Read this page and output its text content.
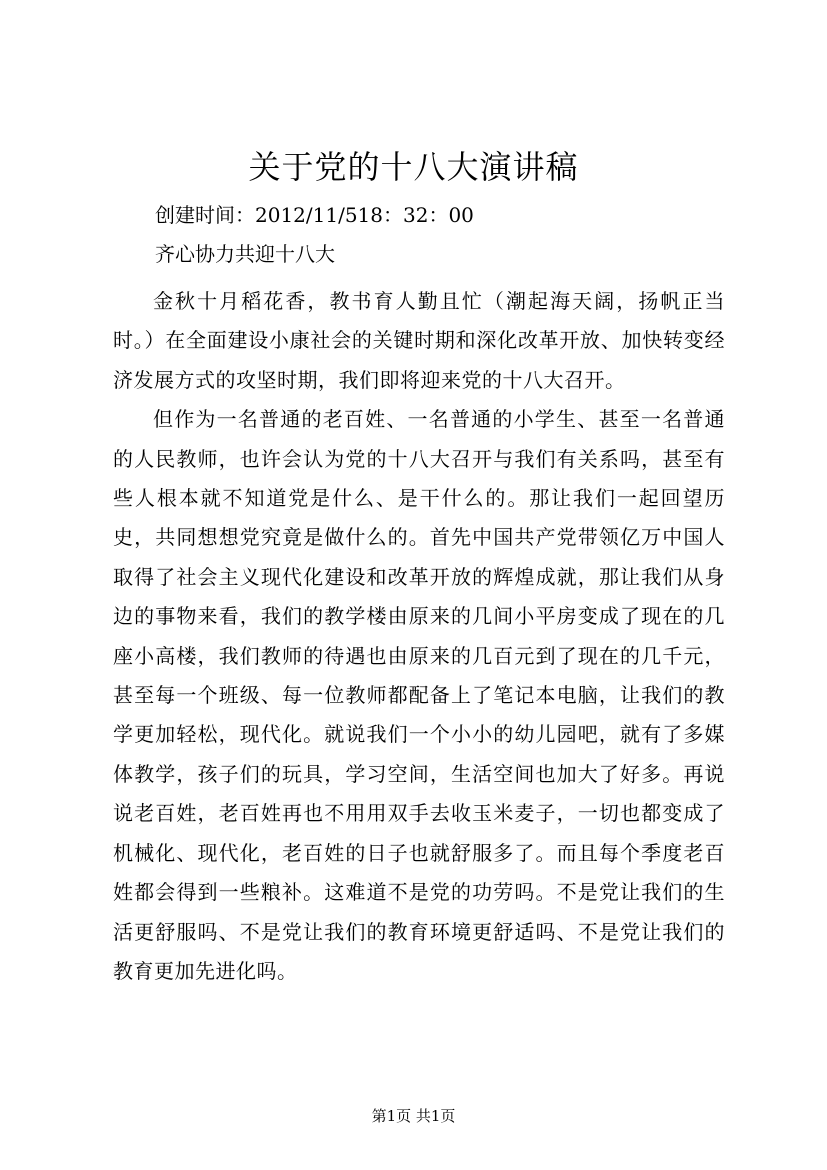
关于党的十八大演讲稿
创建时间：2012/11/518：32：00
齐心协力共迎十八大

金秋十月稻花香，教书育人勤且忙（潮起海天阔，扬帆正当时。）在全面建设小康社会的关键时期和深化改革开放、加快转变经济发展方式的攻坚时期，我们即将迎来党的十八大召开。

但作为一名普通的老百姓、一名普通的小学生、甚至一名普通的人民教师，也许会认为党的十八大召开与我们有关系吗，甚至有些人根本就不知道党是什么、是干什么的。那让我们一起回望历史，共同想想党究竟是做什么的。首先中国共产党带领亿万中国人取得了社会主义现代化建设和改革开放的辉煌成就，那让我们从身边的事物来看，我们的教学楼由原来的几间小平房变成了现在的几座小高楼，我们教师的待遇也由原来的几百元到了现在的几千元，甚至每一个班级、每一位教师都配备上了笔记本电脑，让我们的教学更加轻松，现代化。就说我们一个小小的幼儿园吧，就有了多媒体教学，孩子们的玩具，学习空间，生活空间也加大了好多。再说说老百姓，老百姓再也不用用双手去收玉米麦子，一切也都变成了机械化、现代化，老百姓的日子也就舒服多了。而且每个季度老百姓都会得到一些粮补。这难道不是党的功劳吗。不是党让我们的生活更舒服吗、不是党让我们的教育环境更舒适吗、不是党让我们的教育更加先进化吗。

第1页 共1页
